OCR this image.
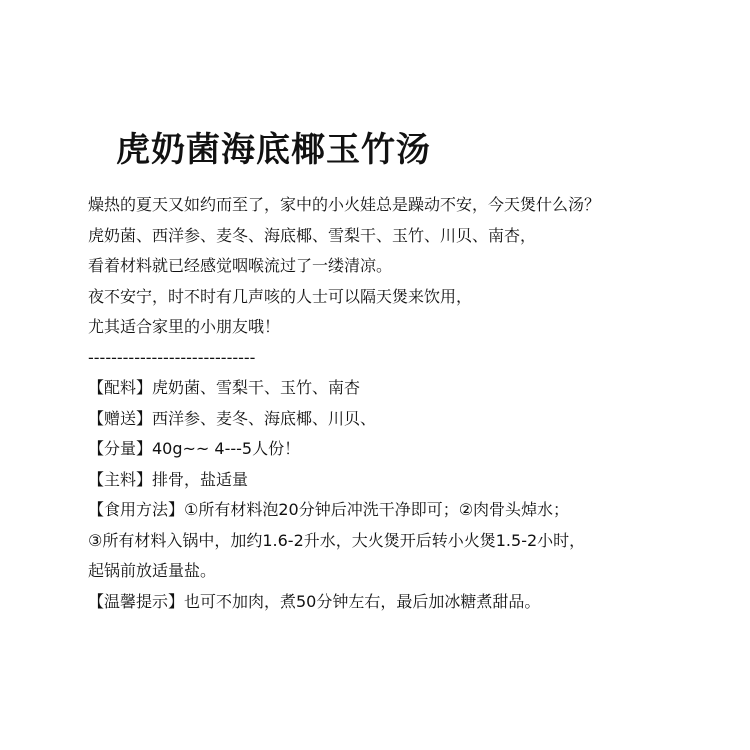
虎奶菌海底椰玉竹汤
燥热的夏天又如约而至了，家中的小火娃总是躁动不安，今天煲什么汤？
虎奶菌、西洋参、麦冬、海底椰、雪梨干、玉竹、川贝、南杏，
看着材料就已经感觉咽喉流过了一缕清凉。
夜不安宁，时不时有几声咳的人士可以隔天煲来饮用，
尤其适合家里的小朋友哦！
-----------------------------
【配料】虎奶菌、雪梨干、玉竹、南杏
【赠送】西洋参、麦冬、海底椰、川贝、
【分量】40g~~ 4---5人份！
【主料】排骨，盐适量
【食用方法】①所有材料泡20分钟后冲洗干净即可；②肉骨头焯水；
③所有材料入锅中，加约1.6-2升水，大火煲开后转小火煲1.5-2小时，
起锅前放适量盐。
【温馨提示】也可不加肉，煮50分钟左右，最后加冰糖煮甜品。
